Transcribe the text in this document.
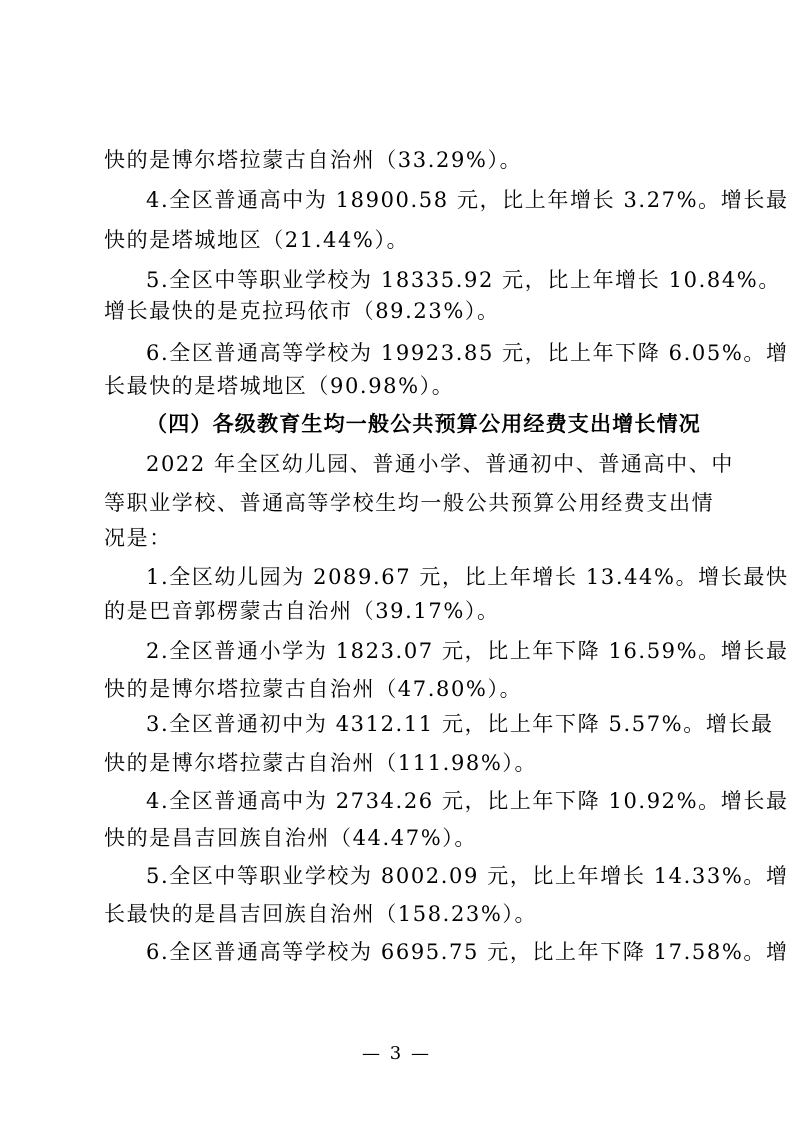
快的是博尔塔拉蒙古自治州（33.29%）。
4.全区普通高中为 18900.58 元，比上年增长 3.27%。增长最
快的是塔城地区（21.44%）。
5.全区中等职业学校为 18335.92 元，比上年增长 10.84%。
增长最快的是克拉玛依市（89.23%）。
6.全区普通高等学校为 19923.85 元，比上年下降 6.05%。增
长最快的是塔城地区（90.98%）。
（四）各级教育生均一般公共预算公用经费支出增长情况
2022 年全区幼儿园、普通小学、普通初中、普通高中、中
等职业学校、普通高等学校生均一般公共预算公用经费支出情
况是：
1.全区幼儿园为 2089.67 元，比上年增长 13.44%。增长最快
的是巴音郭楞蒙古自治州（39.17%）。
2.全区普通小学为 1823.07 元，比上年下降 16.59%。增长最
快的是博尔塔拉蒙古自治州（47.80%）。
3.全区普通初中为 4312.11 元，比上年下降 5.57%。增长最
快的是博尔塔拉蒙古自治州（111.98%）。
4.全区普通高中为 2734.26 元，比上年下降 10.92%。增长最
快的是昌吉回族自治州（44.47%）。
5.全区中等职业学校为 8002.09 元，比上年增长 14.33%。增
长最快的是昌吉回族自治州（158.23%）。
6.全区普通高等学校为 6695.75 元，比上年下降 17.58%。增
— 3 —
